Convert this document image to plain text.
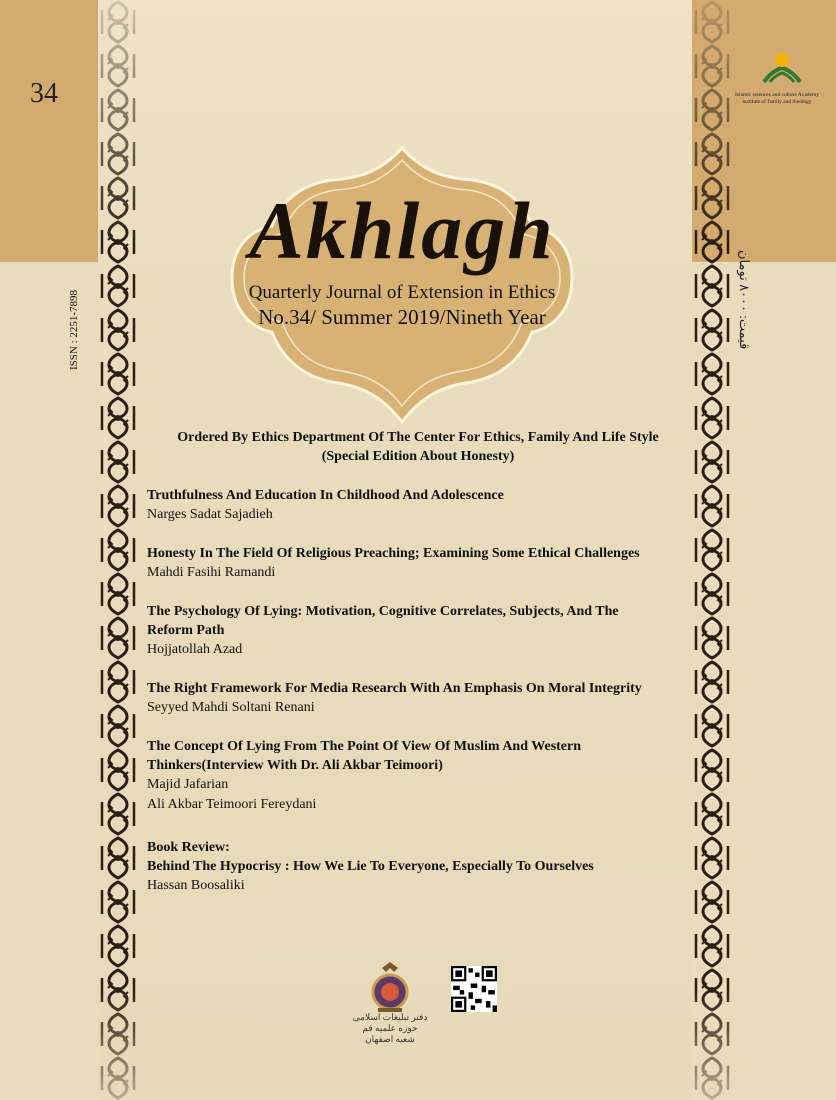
34
ISSN : 2251-7898
قیمت: ۸۰۰۰ تومان
Islamic sciences and culture Academy
institute of family and theology
Akhlagh
Quarterly Journal of Extension in Ethics
No.34/ Summer 2019/Nineth Year
Ordered By Ethics Department Of The Center For Ethics, Family And Life Style
(Special Edition About Honesty)
Truthfulness And Education In Childhood And Adolescence
Narges Sadat Sajadieh
Honesty In The Field Of Religious Preaching; Examining Some Ethical Challenges
Mahdi Fasihi Ramandi
The Psychology Of Lying: Motivation, Cognitive Correlates, Subjects, And The Reform Path
Hojjatollah Azad
The Right Framework For Media Research With An Emphasis On Moral Integrity
Seyyed Mahdi Soltani Renani
The Concept Of Lying From The Point Of View Of Muslim And Western Thinkers(Interview With Dr. Ali Akbar Teimoori)
Majid Jafarian
Ali Akbar Teimoori Fereydani
Book Review:
Behind The Hypocrisy : How We Lie To Everyone, Especially To Ourselves
Hassan Boosaliki
دفتر تبلیغات اسلامی حوزه علمیه قم شعبه اصفهان
